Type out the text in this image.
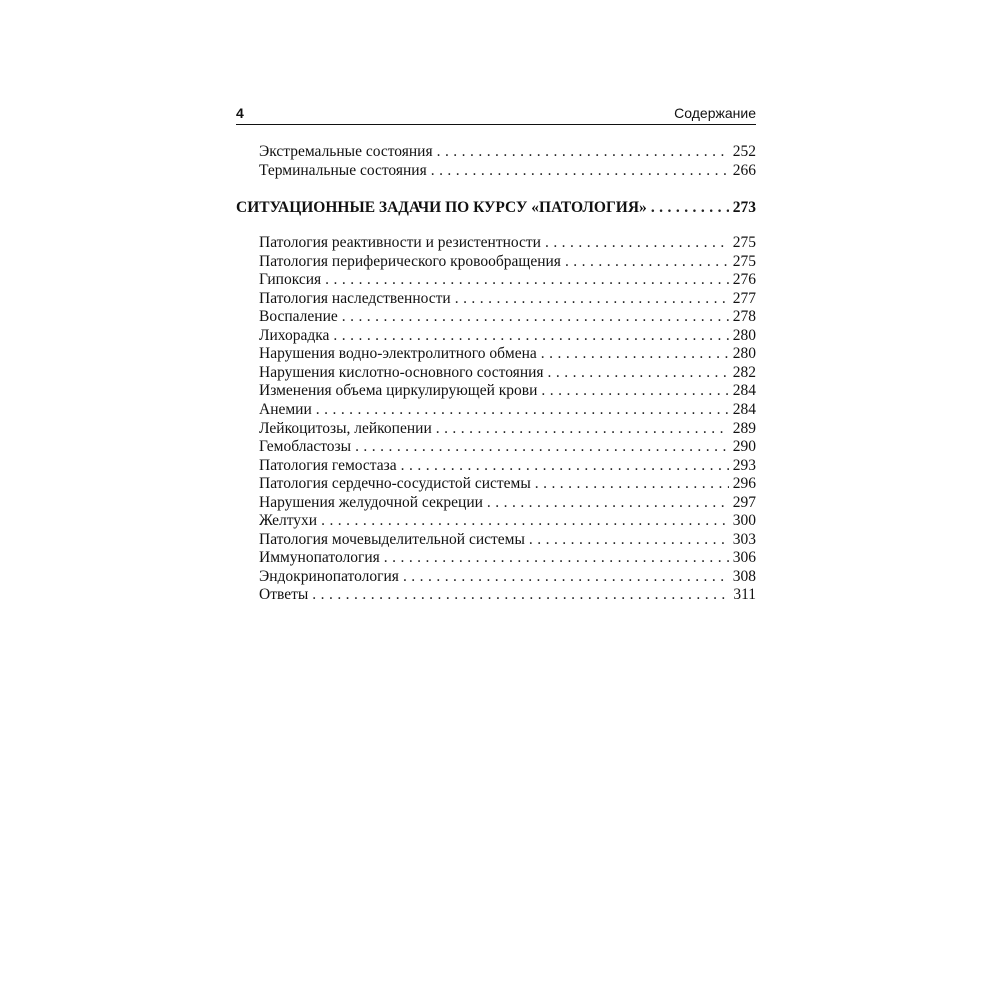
4	Содержание
Экстремальные состояния . . .	252
Терминальные состояния . . .	266
СИТУАЦИОННЫЕ ЗАДАЧИ ПО КУРСУ «ПАТОЛОГИЯ» . . .	273
Патология реактивности и резистентности . . .	275
Патология периферического кровообращения . . .	275
Гипоксия . . .	276
Патология наследственности . . .	277
Воспаление . . .	278
Лихорадка . . .	280
Нарушения водно-электролитного обмена . . .	280
Нарушения кислотно-основного состояния . . .	282
Изменения объема циркулирующей крови . . .	284
Анемии . . .	284
Лейкоцитозы, лейкопении . . .	289
Гемобластозы . . .	290
Патология гемостаза . . .	293
Патология сердечно-сосудистой системы . . .	296
Нарушения желудочной секреции . . .	297
Желтухи . . .	300
Патология мочевыделительной системы . . .	303
Иммунопатология . . .	306
Эндокринопатология . . .	308
Ответы . . .	311
